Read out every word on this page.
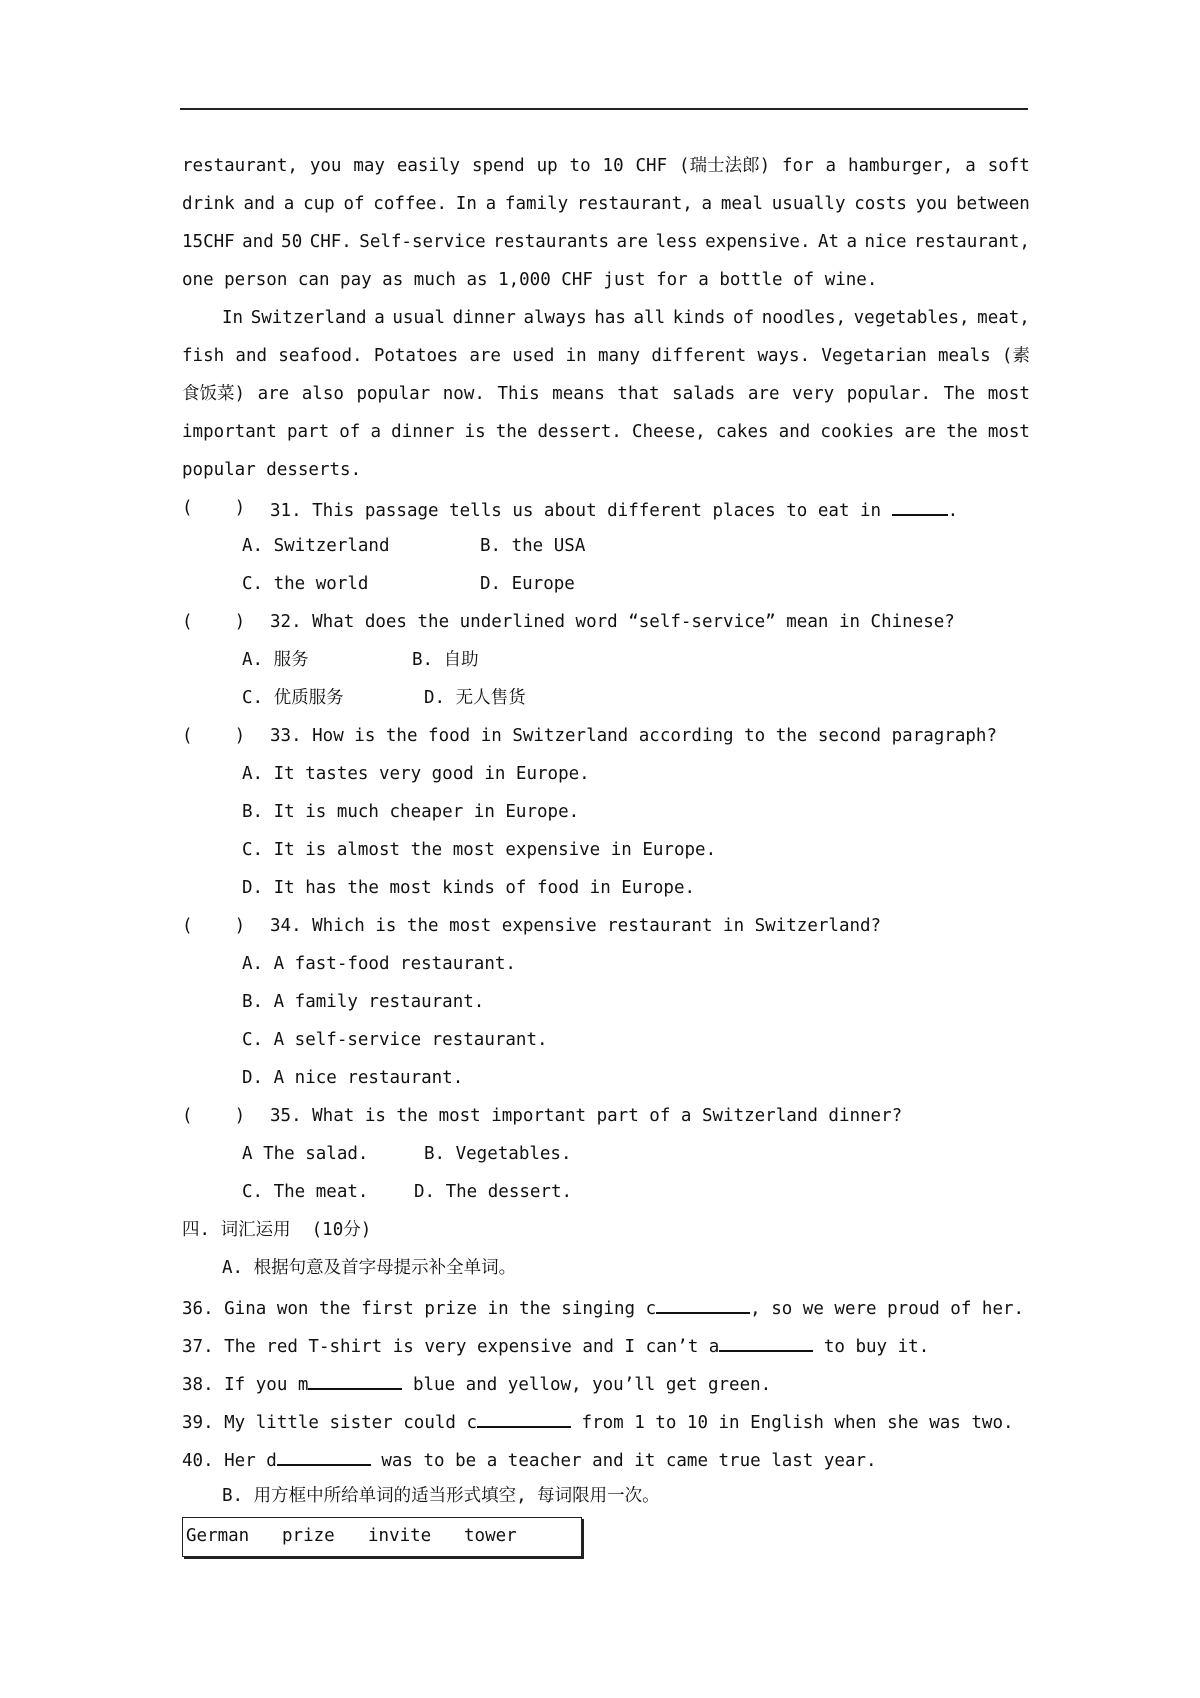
restaurant, you may easily spend up to 10 CHF (瑞士法郎) for a hamburger, a soft
drink and a cup of coffee. In a family restaurant, a meal usually costs you between
15CHF and 50 CHF. Self-service restaurants are less expensive. At a nice restaurant,
one person can pay as much as 1,000 CHF just for a bottle of wine.
In Switzerland a usual dinner always has all kinds of noodles, vegetables, meat,
fish and seafood. Potatoes are used in many different ways. Vegetarian meals (素
食饭菜) are also popular now. This means that salads are very popular. The most
important part of a dinner is the dessert. Cheese, cakes and cookies are the most
popular desserts.
(    ) 31. This passage tells us about different places to eat in	.
A. Switzerland	B. the USA
C. the world	D. Europe
(    ) 32. What does the underlined word “self-service” mean in Chinese?
A. 服务	B. 自助
C. 优质服务	D. 无人售货
(    ) 33. How is the food in Switzerland according to the second paragraph?
A. It tastes very good in Europe.
B. It is much cheaper in Europe.
C. It is almost the most expensive in Europe.
D. It has the most kinds of food in Europe.
(    ) 34. Which is the most expensive restaurant in Switzerland?
A. A fast-food restaurant.
B. A family restaurant.
C. A self-service restaurant.
D. A nice restaurant.
(    ) 35. What is the most important part of a Switzerland dinner?
A The salad.	B. Vegetables.
C. The meat.	D. The dessert.
四. 词汇运用  (10分)
A. 根据句意及首字母提示补全单词。
36. Gina won the first prize in the singing c	, so we were proud of her.
37. The red T-shirt is very expensive and I can’t a	to buy it.
38. If you m	blue and yellow, you’ll get green.
39. My little sister could c	from 1 to 10 in English when she was two.
40. Her d	was to be a teacher and it came true last year.
B. 用方框中所给单词的适当形式填空, 每词限用一次。
German prize invite tower
